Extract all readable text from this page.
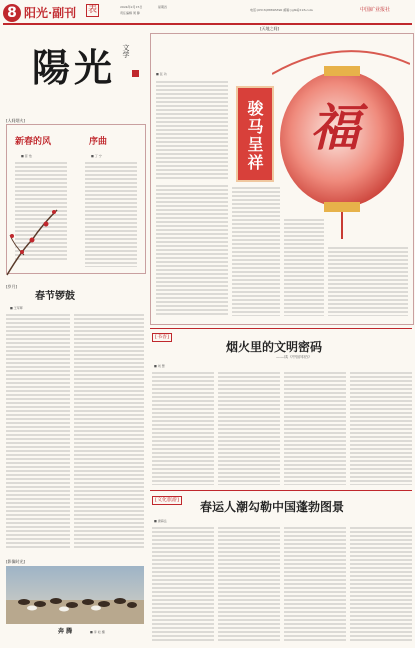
8 阳光·副刊 表	2024年2月15日	星期四
责任编辑 周 静
电话:(0516)88893390 邮箱:ygfk@126.com	中国矿业报社
陽光 文学
[人间烟火]
新春的风	序曲
■ 晋 怡	■ 丁 宁
[岁月]
春节锣鼓
■ 王军辉
[影像时光]
奔 腾	■ 李 松 摄
[天地之间]
■ 张 功
骏马呈祥 福
[书香]
烟火里的文明密码
——读《中国年俗》
■ 刘 慧
[文化旅游] 春运人潮勾勒中国蓬勃图景
■ 唐海岳
